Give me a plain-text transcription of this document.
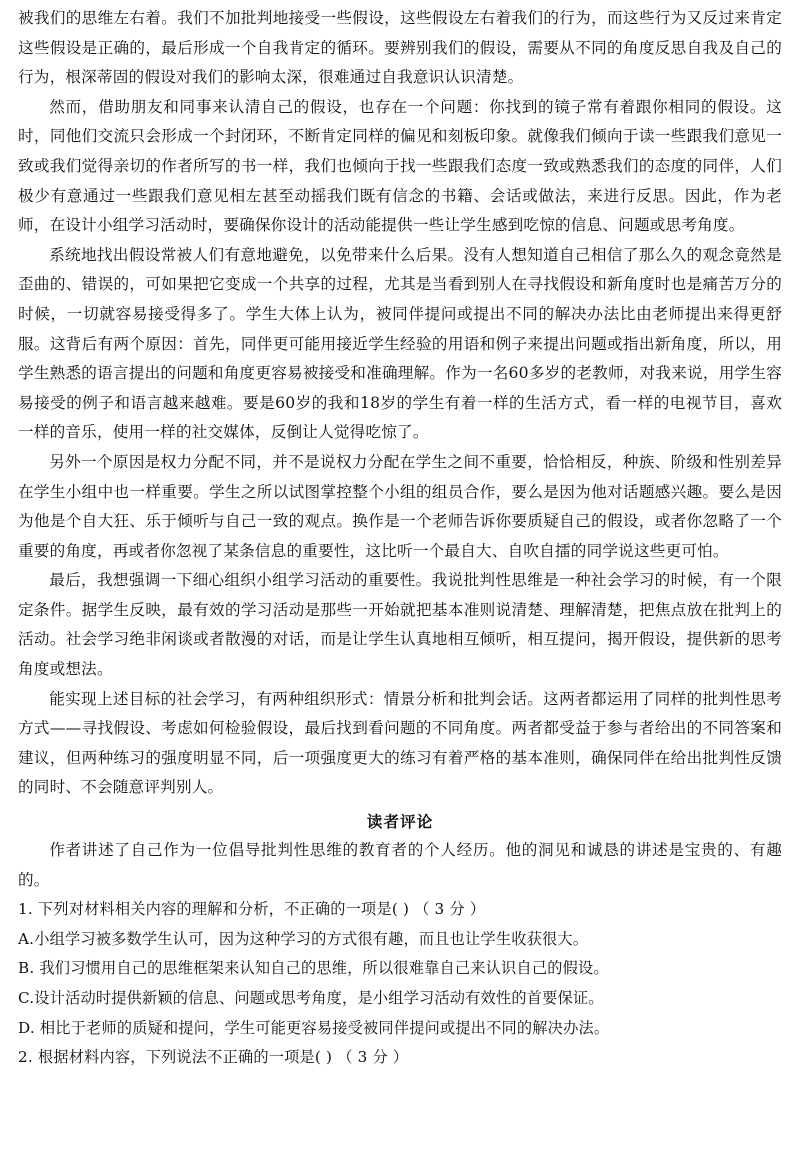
被我们的思维左右着。我们不加批判地接受一些假设，这些假设左右着我们的行为，而这些行为又反过来肯定这些假设是正确的，最后形成一个自我肯定的循环。要辨别我们的假设，需要从不同的角度反思自我及自己的行为，根深蒂固的假设对我们的影响太深，很难通过自我意识认识清楚。

然而，借助朋友和同事来认清自己的假设，也存在一个问题：你找到的镜子常有着跟你相同的假设。这时，同他们交流只会形成一个封闭环，不断肯定同样的偏见和刻板印象。就像我们倾向于读一些跟我们意见一致或我们觉得亲切的作者所写的书一样，我们也倾向于找一些跟我们态度一致或熟悉我们的态度的同伴，人们极少有意通过一些跟我们意见相左甚至动摇我们既有信念的书籍、会话或做法，来进行反思。因此，作为老师，在设计小组学习活动时，要确保你设计的活动能提供一些让学生感到吃惊的信息、问题或思考角度。

系统地找出假设常被人们有意地避免，以免带来什么后果。没有人想知道自己相信了那么久的观念竟然是歪曲的、错误的，可如果把它变成一个共享的过程，尤其是当看到别人在寻找假设和新角度时也是痛苦万分的时候，一切就容易接受得多了。学生大体上认为，被同伴提问或提出不同的解决办法比由老师提出来得更舒服。这背后有两个原因：首先，同伴更可能用接近学生经验的用语和例子来提出问题或指出新角度，所以，用学生熟悉的语言提出的问题和角度更容易被接受和准确理解。作为一名60多岁的老教师，对我来说，用学生容易接受的例子和语言越来越难。要是60岁的我和18岁的学生有着一样的生活方式，看一样的电视节目，喜欢一样的音乐，使用一样的社交媒体，反倒让人觉得吃惊了。

另外一个原因是权力分配不同，并不是说权力分配在学生之间不重要，恰恰相反，种族、阶级和性别差异在学生小组中也一样重要。学生之所以试图掌控整个小组的组员合作，要么是因为他对话题感兴趣。要么是因为他是个自大狂、乐于倾听与自己一致的观点。换作是一个老师告诉你要质疑自己的假设，或者你忽略了一个重要的角度，再或者你忽视了某条信息的重要性，这比听一个最自大、自吹自擂的同学说这些更可怕。

最后，我想强调一下细心组织小组学习活动的重要性。我说批判性思维是一种社会学习的时候，有一个限定条件。据学生反映，最有效的学习活动是那些一开始就把基本准则说清楚、理解清楚，把焦点放在批判上的活动。社会学习绝非闲谈或者散漫的对话，而是让学生认真地相互倾听，相互提问，揭开假设，提供新的思考角度或想法。

能实现上述目标的社会学习，有两种组织形式：情景分析和批判会话。这两者都运用了同样的批判性思考方式——寻找假设、考虑如何检验假设，最后找到看问题的不同角度。两者都受益于参与者给出的不同答案和建议，但两种练习的强度明显不同，后一项强度更大的练习有着严格的基本准则，确保同伴在给出批判性反馈的同时、不会随意评判别人。

读者评论

作者讲述了自己作为一位倡导批判性思维的教育者的个人经历。他的洞见和诚恳的讲述是宝贵的、有趣的。

1. 下列对材料相关内容的理解和分析，不正确的一项是( ) （ 3 分 ）

A.小组学习被多数学生认可，因为这种学习的方式很有趣，而且也让学生收获很大。

B. 我们习惯用自己的思维框架来认知自己的思维，所以很难靠自己来认识自己的假设。

C.设计活动时提供新颖的信息、问题或思考角度，是小组学习活动有效性的首要保证。

D. 相比于老师的质疑和提问，学生可能更容易接受被同伴提问或提出不同的解决办法。

2. 根据材料内容，下列说法不正确的一项是( ) （ 3 分 ）
